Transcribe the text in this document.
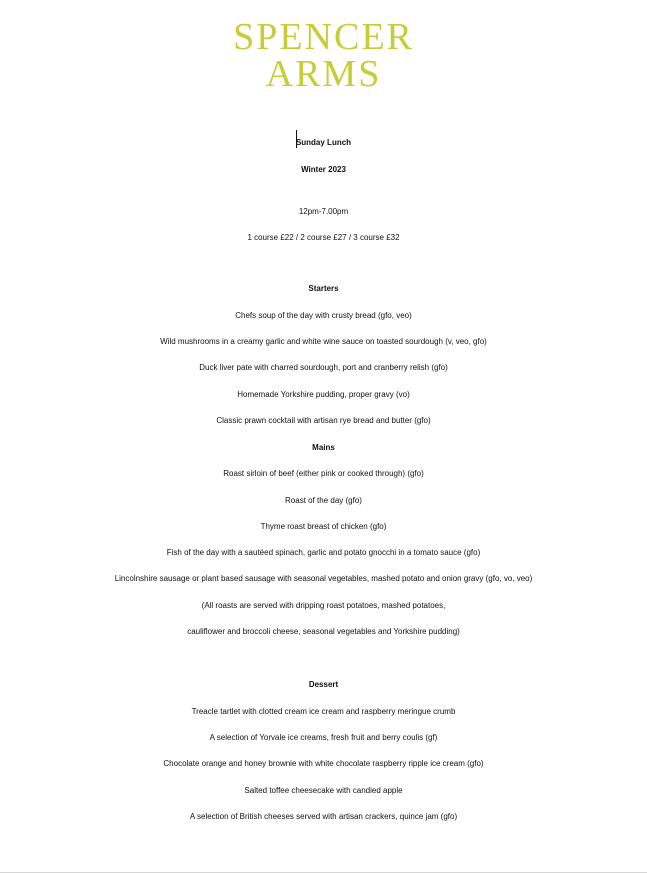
SPENCER
ARMS
Sunday Lunch
Winter 2023
12pm-7.00pm
1 course £22 / 2 course £27 / 3 course £32
Starters
Chefs soup of the day with crusty bread (gfo, veo)
Wild mushrooms in a creamy garlic and white wine sauce on toasted sourdough (v, veo, gfo)
Duck liver pate with charred sourdough, port and cranberry relish (gfo)
Homemade Yorkshire pudding, proper gravy (vo)
Classic prawn cocktail with artisan rye bread and butter (gfo)
Mains
Roast sirloin of beef (either pink or cooked through) (gfo)
Roast of the day (gfo)
Thyme roast breast of chicken (gfo)
Fish of the day with a sautéed spinach, garlic and potato gnocchi in a tomato sauce (gfo)
Lincolnshire sausage or plant based sausage with seasonal vegetables, mashed potato and onion gravy (gfo, vo, veo)
(All roasts are served with dripping roast potatoes, mashed potatoes,
cauliflower and broccoli cheese, seasonal vegetables and Yorkshire pudding)
Dessert
Treacle tartlet with clotted cream ice cream and raspberry meringue crumb
A selection of Yorvale ice creams, fresh fruit and berry coulis (gf)
Chocolate orange and honey brownie with white chocolate raspberry ripple ice cream (gfo)
Salted toffee cheesecake with candied apple
A selection of British cheeses served with artisan crackers, quince jam (gfo)
